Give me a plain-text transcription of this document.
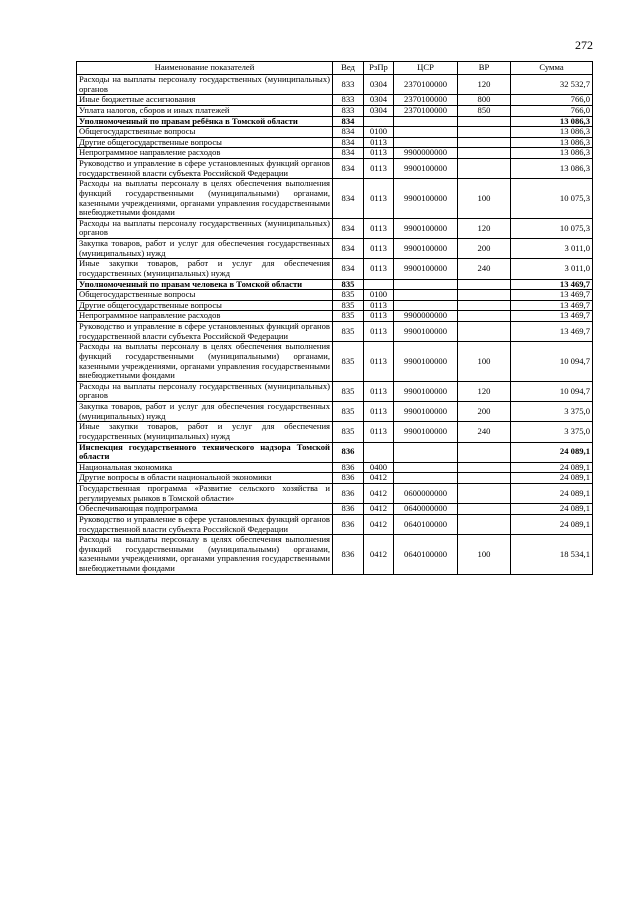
272
Наименование показателей	Вед	РзПр	ЦСР	ВР	Сумма
Расходы на выплаты персоналу государственных (муниципальных) органов	833	0304	2370100000	120	32 532,7
Иные бюджетные ассигнования	833	0304	2370100000	800	766,0
Уплата налогов, сборов и иных платежей	833	0304	2370100000	850	766,0
Уполномоченный по правам ребёнка в Томской области	834				13 086,3
Общегосударственные вопросы	834	0100			13 086,3
Другие общегосударственные вопросы	834	0113			13 086,3
Непрограммное направление расходов	834	0113	9900000000		13 086,3
Руководство и управление в сфере установленных функций органов государственной власти субъекта Российской Федерации	834	0113	9900100000		13 086,3
Расходы на выплаты персоналу в целях обеспечения выполнения функций государственными (муниципальными) органами, казенными учреждениями, органами управления государственными внебюджетными фондами	834	0113	9900100000	100	10 075,3
Расходы на выплаты персоналу государственных (муниципальных) органов	834	0113	9900100000	120	10 075,3
Закупка товаров, работ и услуг для обеспечения государственных (муниципальных) нужд	834	0113	9900100000	200	3 011,0
Иные закупки товаров, работ и услуг для обеспечения государственных (муниципальных) нужд	834	0113	9900100000	240	3 011,0
Уполномоченный по правам человека в Томской области	835				13 469,7
Общегосударственные вопросы	835	0100			13 469,7
Другие общегосударственные вопросы	835	0113			13 469,7
Непрограммное направление расходов	835	0113	9900000000		13 469,7
Руководство и управление в сфере установленных функций органов государственной власти субъекта Российской Федерации	835	0113	9900100000		13 469,7
Расходы на выплаты персоналу в целях обеспечения выполнения функций государственными (муниципальными) органами, казенными учреждениями, органами управления государственными внебюджетными фондами	835	0113	9900100000	100	10 094,7
Расходы на выплаты персоналу государственных (муниципальных) органов	835	0113	9900100000	120	10 094,7
Закупка товаров, работ и услуг для обеспечения государственных (муниципальных) нужд	835	0113	9900100000	200	3 375,0
Иные закупки товаров, работ и услуг для обеспечения государственных (муниципальных) нужд	835	0113	9900100000	240	3 375,0
Инспекция государственного технического надзора Томской области	836				24 089,1
Национальная экономика	836	0400			24 089,1
Другие вопросы в области национальной экономики	836	0412			24 089,1
Государственная программа «Развитие сельского хозяйства и регулируемых рынков в Томской области»	836	0412	0600000000		24 089,1
Обеспечивающая подпрограмма	836	0412	0640000000		24 089,1
Руководство и управление в сфере установленных функций органов государственной власти субъекта Российской Федерации	836	0412	0640100000		24 089,1
Расходы на выплаты персоналу в целях обеспечения выполнения функций государственными (муниципальными) органами, казенными учреждениями, органами управления государственными внебюджетными фондами	836	0412	0640100000	100	18 534,1
